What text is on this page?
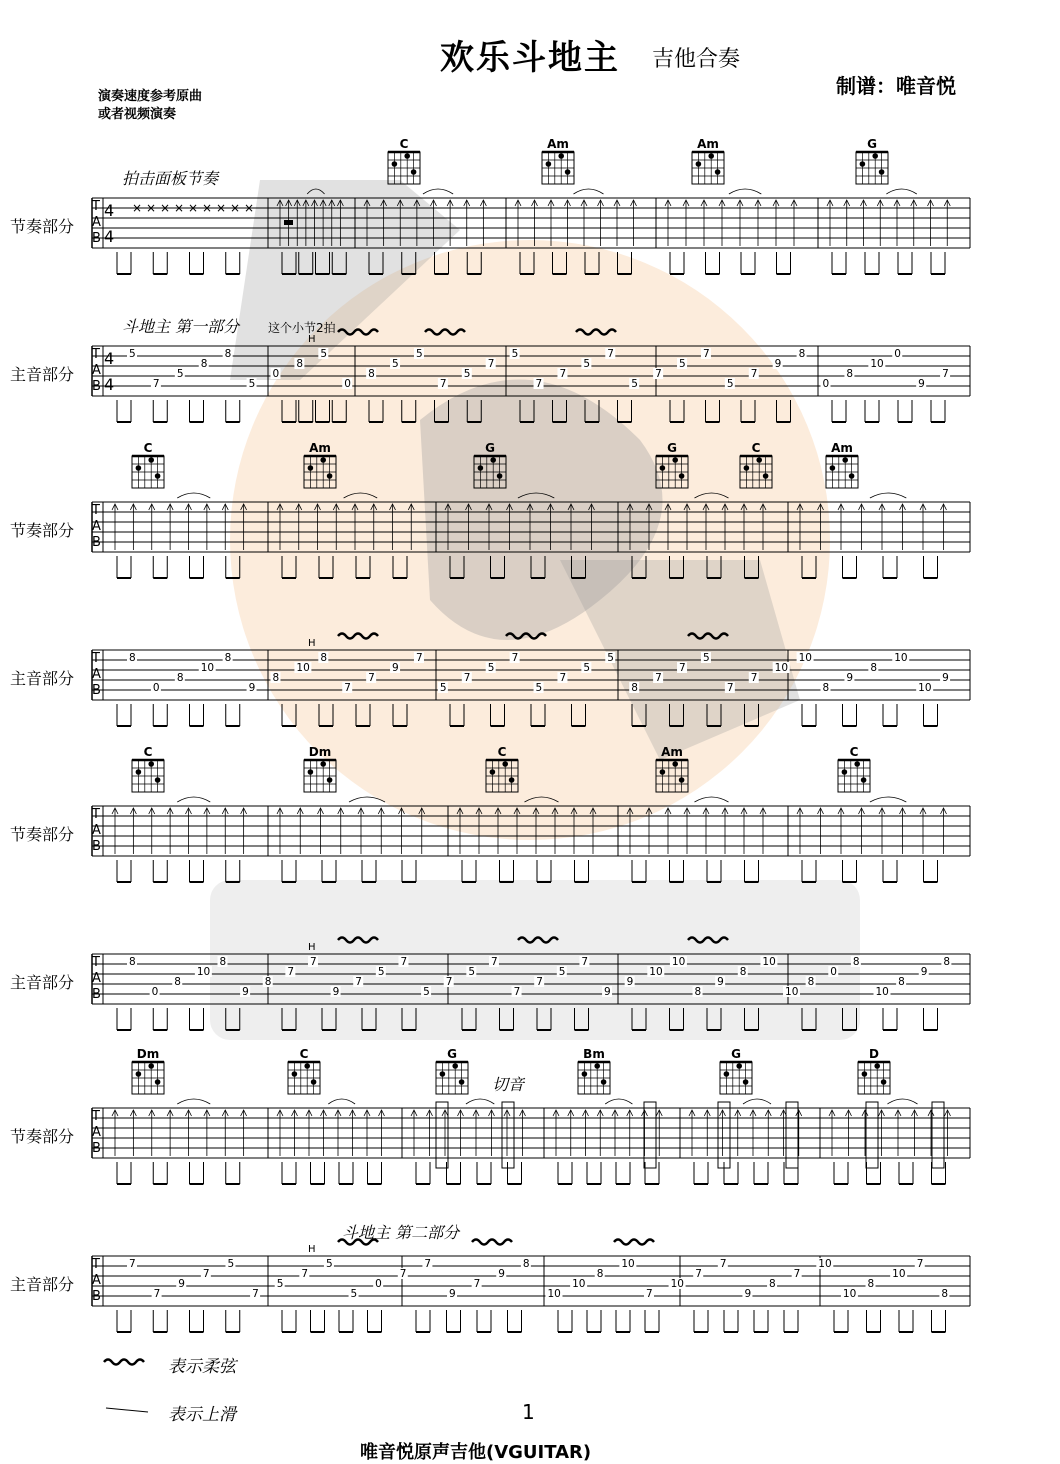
欢乐斗地主 吉他合奏
制谱：唯音悦
演奏速度参考原曲
或者视频演奏
节奏部分
主音部分
T
A
B
T
A
B
C	Am	Am	G
5
7
5
8
8
5
0
8
5
0
8
5
5
7
5
7
5
7
7
5
7
5
7
5
7
5
7
9
8
0
8
10
0
9
7
H
节奏部分
主音部分
T
A
B
T
A
B
C	Am	G	G	C	Am
8
0
8
10
8
9
8
10
8
7
7
9
7
5
7
5
7
5
7
5
5
8
7
7
5
7
7
10
10
8
9
8
10
10
9
H
节奏部分
主音部分
T
A
B
T
A
B
C	Dm	C	Am	C
8
0
8
10
8
9
8
7
7
9
7
5
7
5
7
5
7
7
7
5
7
9
9
10
10
8
9
8
10
10
8
0
8
10
8
9
8
H
节奏部分
主音部分
T
A
B
T
A
B
Dm	C	G	Bm	G	D
7
7
9
7
5
7
5
7
5
5
0
7
7
9
7
9
8
10
10
8
10
7
10
7
7
9
8
7
10
10
8
10
7
8
H
4
4
4
4
× × × × × × × × ×
拍击面板节奏
斗地主 第一部分 这个小节2拍
切音
斗地主 第二部分
表示柔弦
表示上滑	1
唯音悦原声吉他(VGUITAR)
